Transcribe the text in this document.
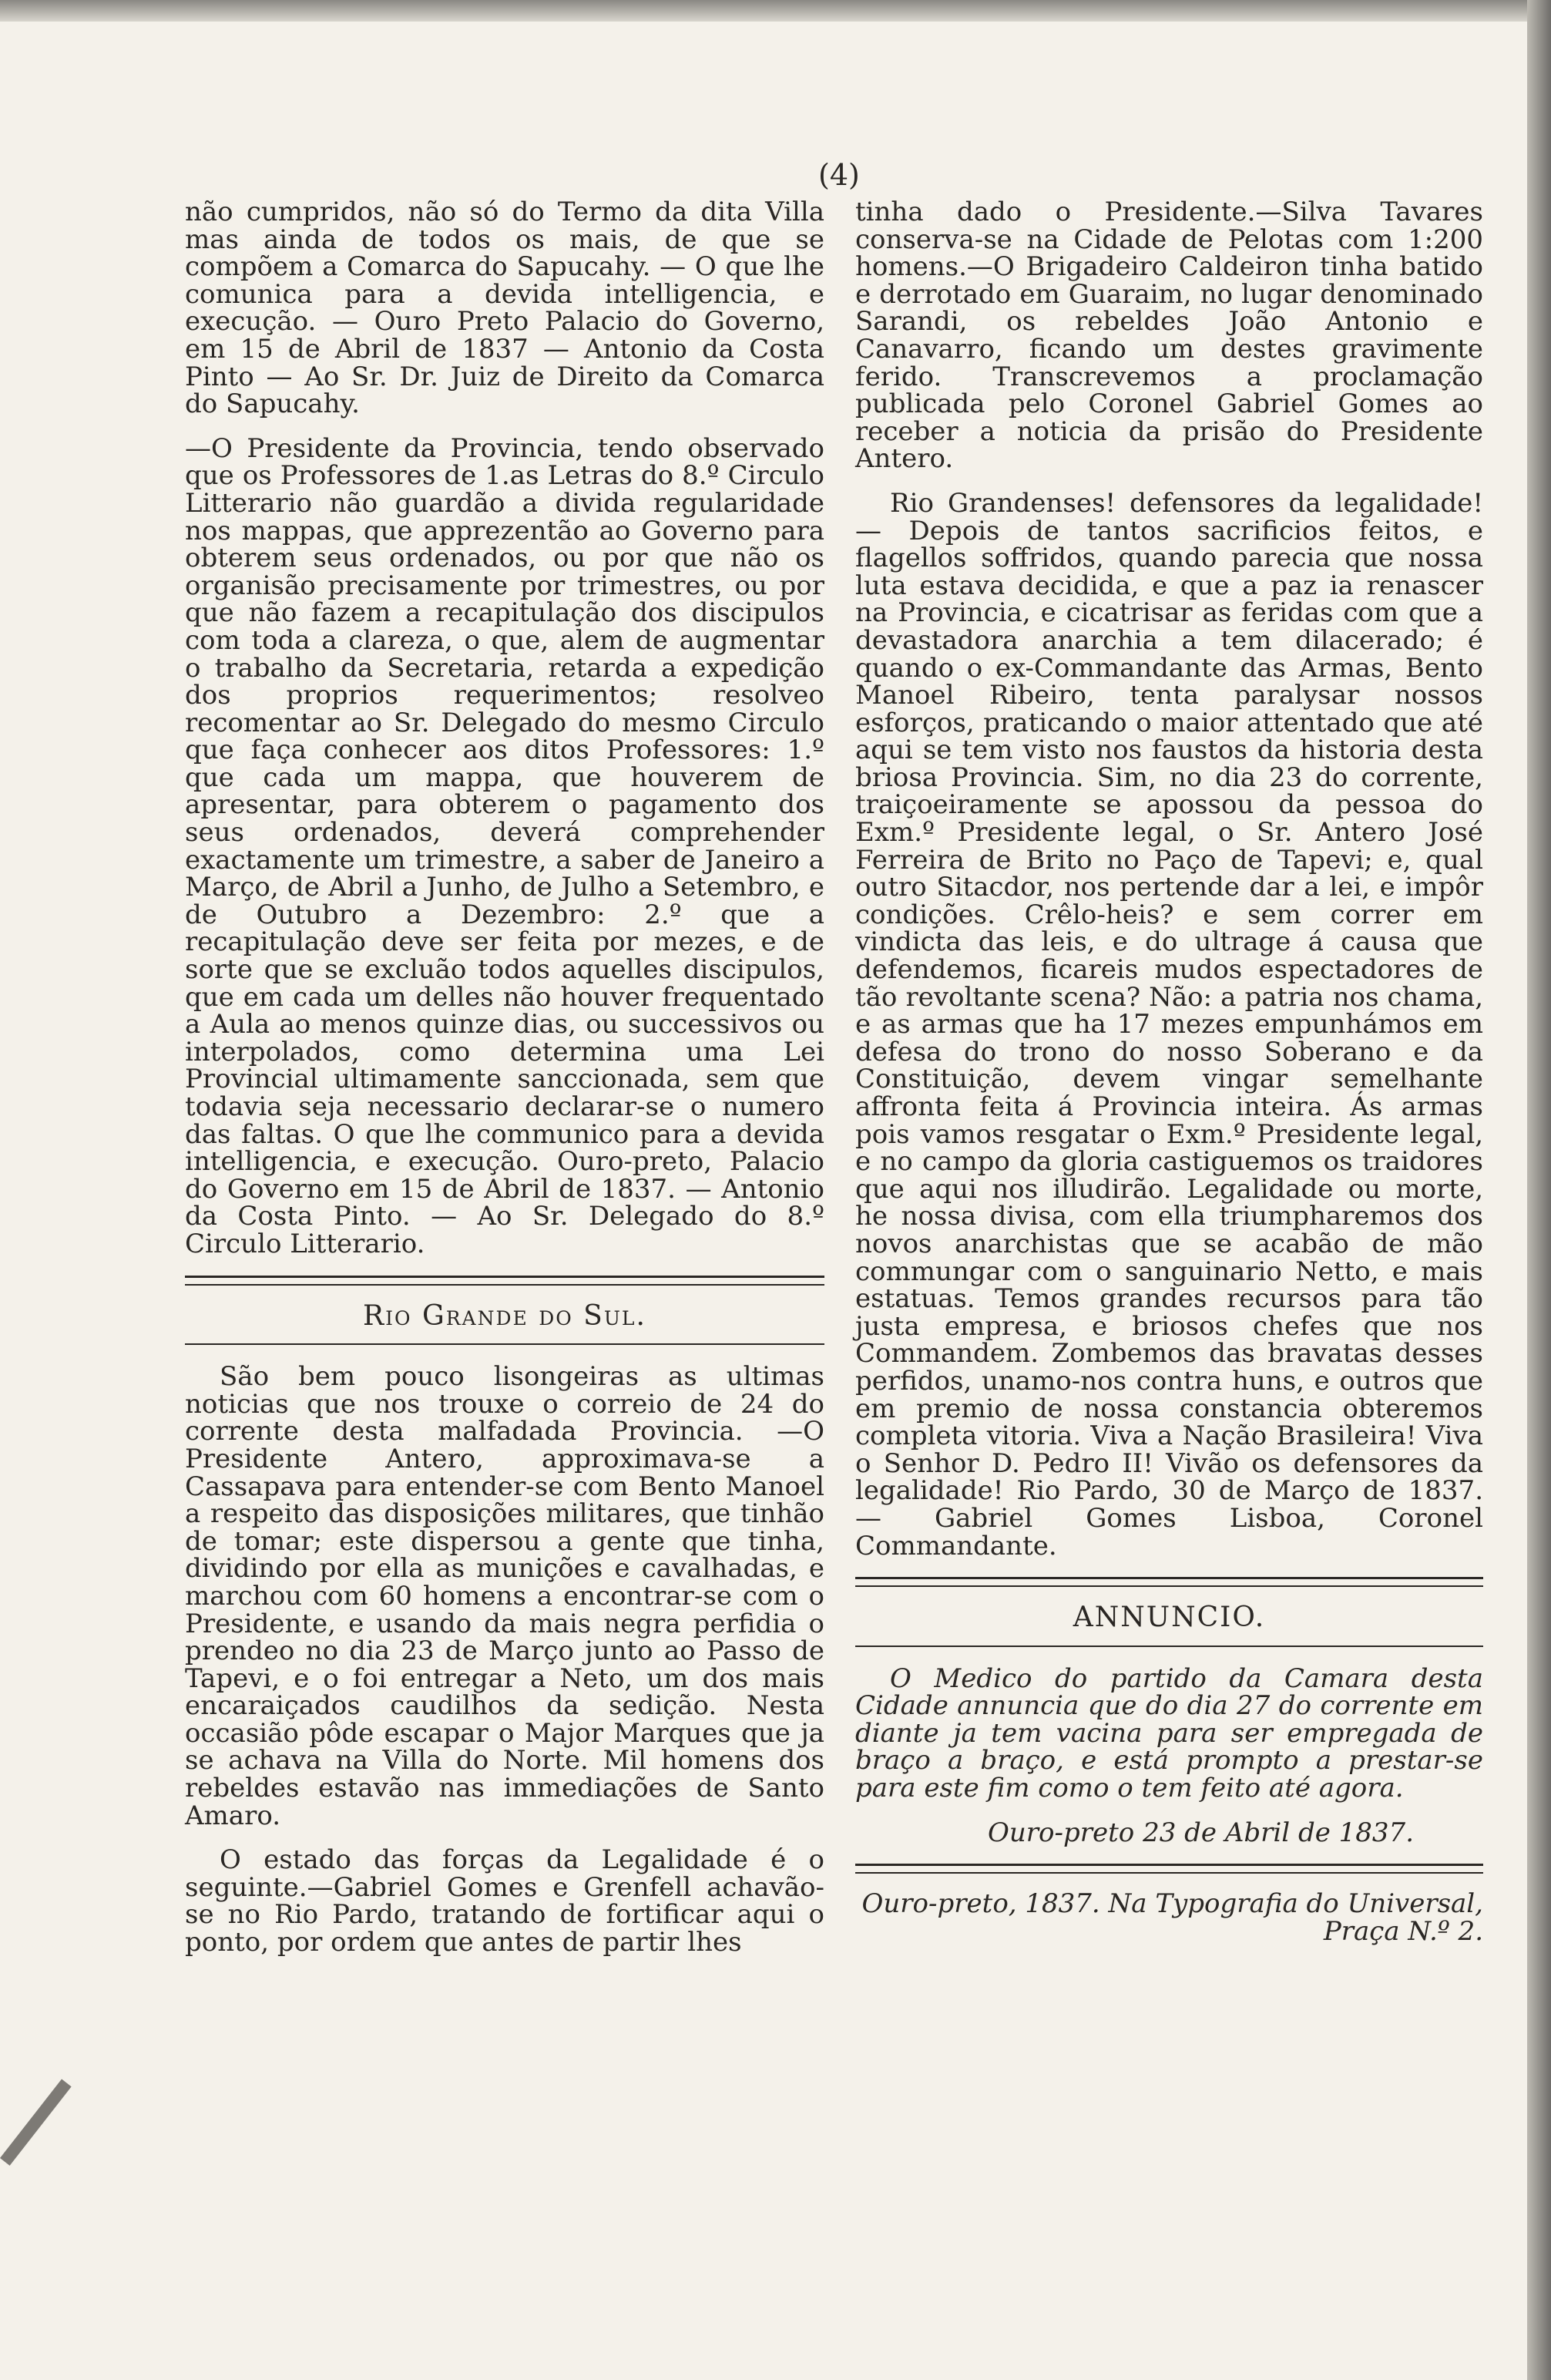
(4)

não cumpridos, não só do Termo da dita Villa mas ainda de todos os mais, de que se compõem a Comarca do Sapucahy. — O que lhe comunica para a devida intelligencia, e execução. — Ouro Preto Palacio do Governo, em 15 de Abril de 1837 — Antonio da Costa Pinto — Ao Sr. Dr. Juiz de Direito da Comarca do Sapucahy.

—O Presidente da Provincia, tendo observado que os Professores de 1.as Letras do 8.º Circulo Litterario não guardão a divida regularidade nos mappas, que apprezentão ao Governo para obterem seus ordenados, ou por que não os organisão precisamente por trimestres, ou por que não fazem a recapitulação dos discipulos com toda a clareza, o que, alem de augmentar o trabalho da Secretaria, retarda a expedição dos proprios requerimentos; resolveo recomentar ao Sr. Delegado do mesmo Circulo que faça conhecer aos ditos Professores: 1.º que cada um mappa, que houverem de apresentar, para obterem o pagamento dos seus ordenados, deverá comprehender exactamente um trimestre, a saber de Janeiro a Março, de Abril a Junho, de Julho a Setembro, e de Outubro a Dezembro: 2.º que a recapitulação deve ser feita por mezes, e de sorte que se excluão todos aquelles discipulos, que em cada um delles não houver frequentado a Aula ao menos quinze dias, ou successivos ou interpolados, como determina uma Lei Provincial ultimamente sanccionada, sem que todavia seja necessario declarar-se o numero das faltas. O que lhe communico para a devida intelligencia, e execução. Ouro-preto, Palacio do Governo em 15 de Abril de 1837. — Antonio da Costa Pinto. — Ao Sr. Delegado do 8.º Circulo Litterario.

Rio Grande do Sul.

São bem pouco lisongeiras as ultimas noticias que nos trouxe o correio de 24 do corrente desta malfadada Provincia. —O Presidente Antero, approximava-se a Cassapava para entender-se com Bento Manoel a respeito das disposições militares, que tinhão de tomar; este dispersou a gente que tinha, dividindo por ella as munições e cavalhadas, e marchou com 60 homens a encontrar-se com o Presidente, e usando da mais negra perfidia o prendeo no dia 23 de Março junto ao Passo de Tapevi, e o foi entregar a Neto, um dos mais encaraiçados caudilhos da sedição. Nesta occasião pôde escapar o Major Marques que ja se achava na Villa do Norte. Mil homens dos rebeldes estavão nas immediações de Santo Amaro.

O estado das forças da Legalidade é o seguinte.—Gabriel Gomes e Grenfell achavão-se no Rio Pardo, tratando de fortificar aqui o ponto, por ordem que antes de partir lhes

tinha dado o Presidente.—Silva Tavares conserva-se na Cidade de Pelotas com 1:200 homens.—O Brigadeiro Caldeiron tinha batido e derrotado em Guaraim, no lugar denominado Sarandi, os rebeldes João Antonio e Canavarro, ficando um destes gravimente ferido. Transcrevemos a proclamação publicada pelo Coronel Gabriel Gomes ao receber a noticia da prisão do Presidente Antero.

Rio Grandenses! defensores da legalidade! — Depois de tantos sacrificios feitos, e flagellos soffridos, quando parecia que nossa luta estava decidida, e que a paz ia renascer na Provincia, e cicatrisar as feridas com que a devastadora anarchia a tem dilacerado; é quando o ex-Commandante das Armas, Bento Manoel Ribeiro, tenta paralysar nossos esforços, praticando o maior attentado que até aqui se tem visto nos faustos da historia desta briosa Provincia. Sim, no dia 23 do corrente, traiçoeiramente se apossou da pessoa do Exm.º Presidente legal, o Sr. Antero José Ferreira de Brito no Paço de Tapevi; e, qual outro Sitacdor, nos pertende dar a lei, e impôr condições. Crêlo-heis? e sem correr em vindicta das leis, e do ultrage á causa que defendemos, ficareis mudos espectadores de tão revoltante scena? Não: a patria nos chama, e as armas que ha 17 mezes empunhámos em defesa do trono do nosso Soberano e da Constituição, devem vingar semelhante affronta feita á Provincia inteira. Ás armas pois vamos resgatar o Exm.º Presidente legal, e no campo da gloria castiguemos os traidores que aqui nos illudirão. Legalidade ou morte, he nossa divisa, com ella triumpharemos dos novos anarchistas que se acabão de mão commungar com o sanguinario Netto, e mais estatuas. Temos grandes recursos para tão justa empresa, e briosos chefes que nos Commandem. Zombemos das bravatas desses perfidos, unamo-nos contra huns, e outros que em premio de nossa constancia obteremos completa vitoria. Viva a Nação Brasileira! Viva o Senhor D. Pedro II! Vivão os defensores da legalidade! Rio Pardo, 30 de Março de 1837. — Gabriel Gomes Lisboa, Coronel Commandante.

ANNUNCIO.

O Medico do partido da Camara desta Cidade annuncia que do dia 27 do corrente em diante ja tem vacina para ser empregada de braço a braço, e está prompto a prestar-se para este fim como o tem feito até agora.

Ouro-preto 23 de Abril de 1837.

Ouro-preto, 1837. Na Typografia do Universal, Praça N.º 2.
